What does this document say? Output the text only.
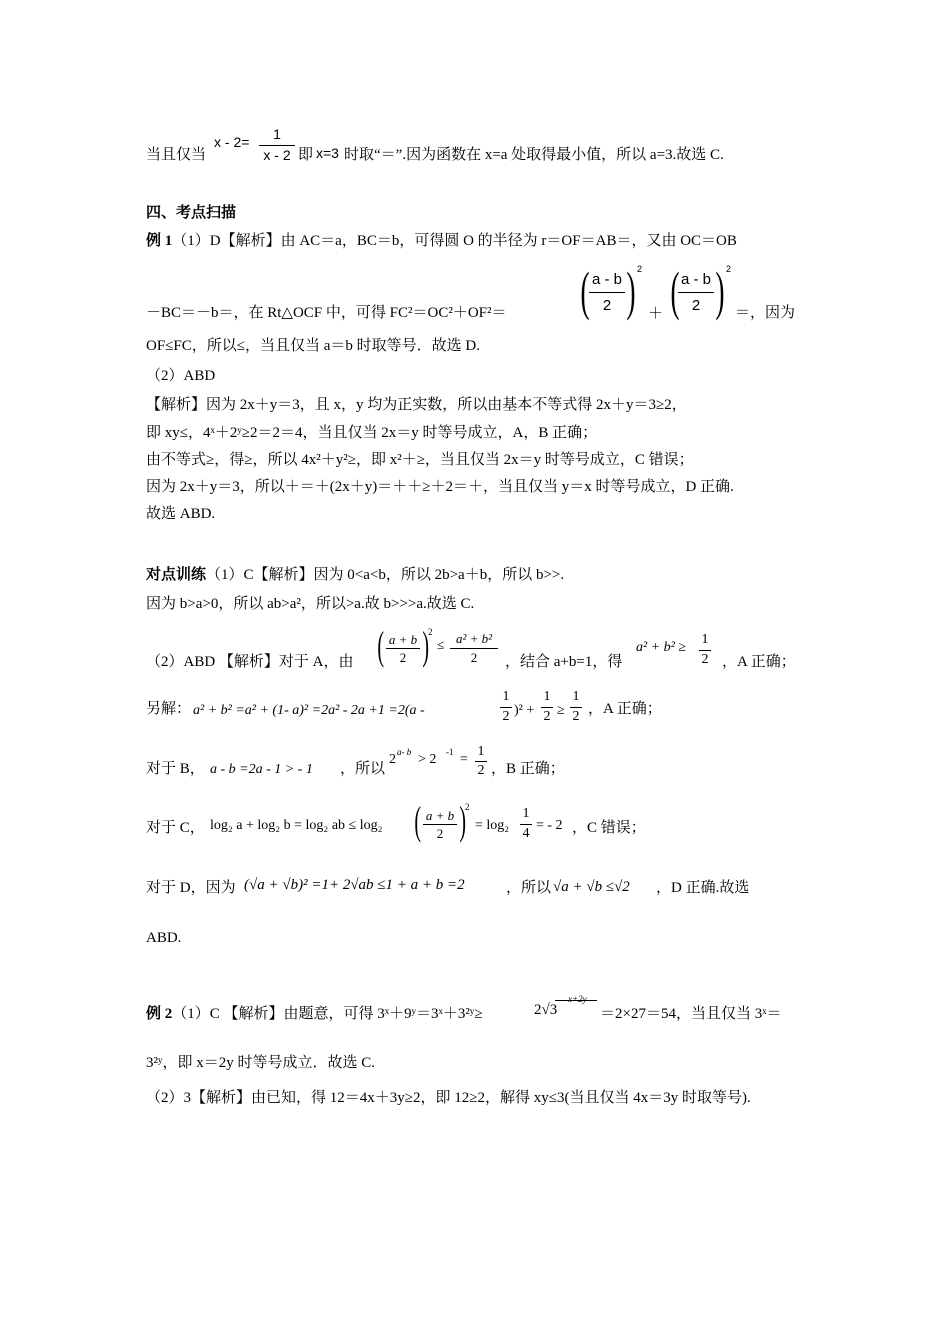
当且仅当
x - 2=	1
x - 2 即 x=3 时取“＝”.因为函数在 x=a 处取得最小值，所以 a=3.故选 C.
四、考点扫描
例 1（1）D【解析】由 AC＝a，BC＝b，可得圆 O 的半径为 r＝OF＝AB＝，又由 OC＝OB
－BC＝－b＝，在 Rt△OCF 中，可得 FC²＝OC²＋OF²＝ ( a - b
2 ) 2
＋ ( a - b
2 ) 2
＝，因为
OF≤FC，所以≤，当且仅当 a＝b 时取等号．故选 D.
（2）ABD
【解析】因为 2x＋y＝3，且 x，y 均为正实数，所以由基本不等式得 2x＋y＝3≥2，
即 xy≤，4ˣ＋2ʸ≥2＝2＝4，当且仅当 2x＝y 时等号成立，A，B 正确；
由不等式≥，得≥，所以 4x²＋y²≥，即 x²＋≥，当且仅当 2x＝y 时等号成立，C 错误；
因为 2x＋y＝3，所以＋＝＋(2x＋y)＝＋＋≥＋2＝＋，当且仅当 y＝x 时等号成立，D 正确.
故选 ABD.
对点训练（1）C【解析】因为 0<a<b，所以 2b>a＋b，所以 b>>.
因为 b>a>0，所以 ab>a²，所以>a.故 b>>>a.故选 C.
（2）ABD 【解析】对于 A，由 ( a + b
2 ) 2
≤ a² + b²
2	，结合 a+b=1，得
a² + b² ≥
1
2 ，A 正确；
另解： a² + b² =a² + (1- a)² =2a² - 2a +1 =2(a -
1
2 )² +
1
2 ≥
1
2 ，A 正确；
对于 B， a - b =2a - 1 > - 1 ，所以
2 a- b > 2 -1 =
1
2 ，B 正确；
对于 C， log₂ a + log₂ b = log₂ ab ≤ log₂ ( a + b
2 ) 2
= log₂
1
4
= - 2 ，C 错误；
对于 D，因为 (√a + √b)² =1+ 2√ab ≤1 + a + b =2	，所以 √a + √b ≤√2 ，D 正确.故选
ABD.
例 2（1）C 【解析】由题意，可得 3ˣ＋9ʸ＝3ˣ＋3²ʸ≥	2√3
x+2y
＝2×27＝54，当且仅当 3ˣ＝
3²ʸ，即 x＝2y 时等号成立．故选 C.
（2）3【解析】由已知，得 12＝4x＋3y≥2，即 12≥2，解得 xy≤3(当且仅当 4x＝3y 时取等号).
